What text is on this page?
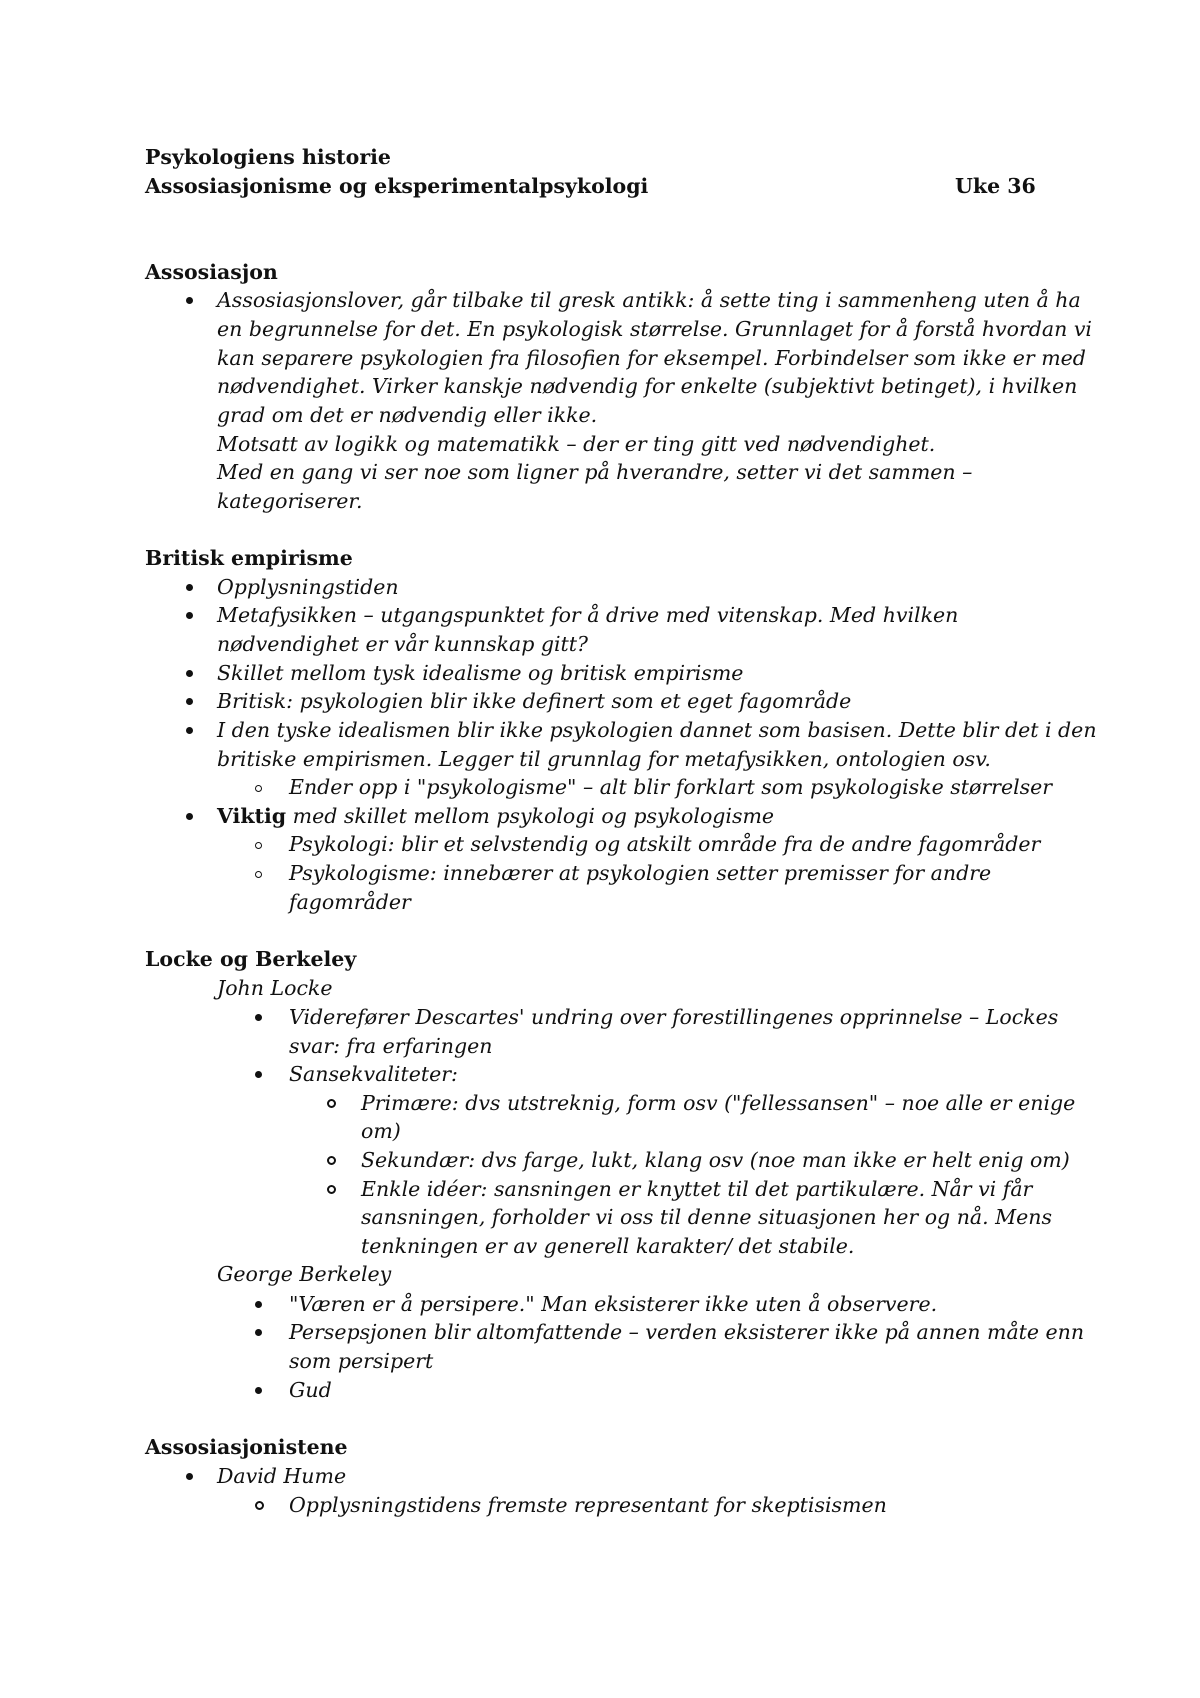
Psykologiens historie
Assosiasjonisme og eksperimentalpsykologi	Uke 36
Assosiasjon
Assosiasjonslover, går tilbake til gresk antikk: å sette ting i sammenheng uten å ha
en begrunnelse for det. En psykologisk størrelse. Grunnlaget for å forstå hvordan vi
kan separere psykologien fra filosofien for eksempel. Forbindelser som ikke er med
nødvendighet. Virker kanskje nødvendig for enkelte (subjektivt betinget), i hvilken
grad om det er nødvendig eller ikke.
Motsatt av logikk og matematikk – der er ting gitt ved nødvendighet.
Med en gang vi ser noe som ligner på hverandre, setter vi det sammen –
kategoriserer.
Britisk empirisme
Opplysningstiden
Metafysikken – utgangspunktet for å drive med vitenskap. Med hvilken
nødvendighet er vår kunnskap gitt?
Skillet mellom tysk idealisme og britisk empirisme
Britisk: psykologien blir ikke definert som et eget fagområde
I den tyske idealismen blir ikke psykologien dannet som basisen. Dette blir det i den
britiske empirismen. Legger til grunnlag for metafysikken, ontologien osv.
Ender opp i "psykologisme" – alt blir forklart som psykologiske størrelser
Viktig med skillet mellom psykologi og psykologisme
Psykologi: blir et selvstendig og atskilt område fra de andre fagområder
Psykologisme: innebærer at psykologien setter premisser for andre
fagområder
Locke og Berkeley
John Locke
Viderefører Descartes' undring over forestillingenes opprinnelse – Lockes
svar: fra erfaringen
Sansekvaliteter:
Primære: dvs utstreknig, form osv ("fellessansen" – noe alle er enige
om)
Sekundær: dvs farge, lukt, klang osv (noe man ikke er helt enig om)
Enkle idéer: sansningen er knyttet til det partikulære. Når vi får
sansningen, forholder vi oss til denne situasjonen her og nå. Mens
tenkningen er av generell karakter/ det stabile.
George Berkeley
"Væren er å persipere." Man eksisterer ikke uten å observere.
Persepsjonen blir altomfattende – verden eksisterer ikke på annen måte enn
som persipert
Gud
Assosiasjonistene
David Hume
Opplysningstidens fremste representant for skeptisismen
